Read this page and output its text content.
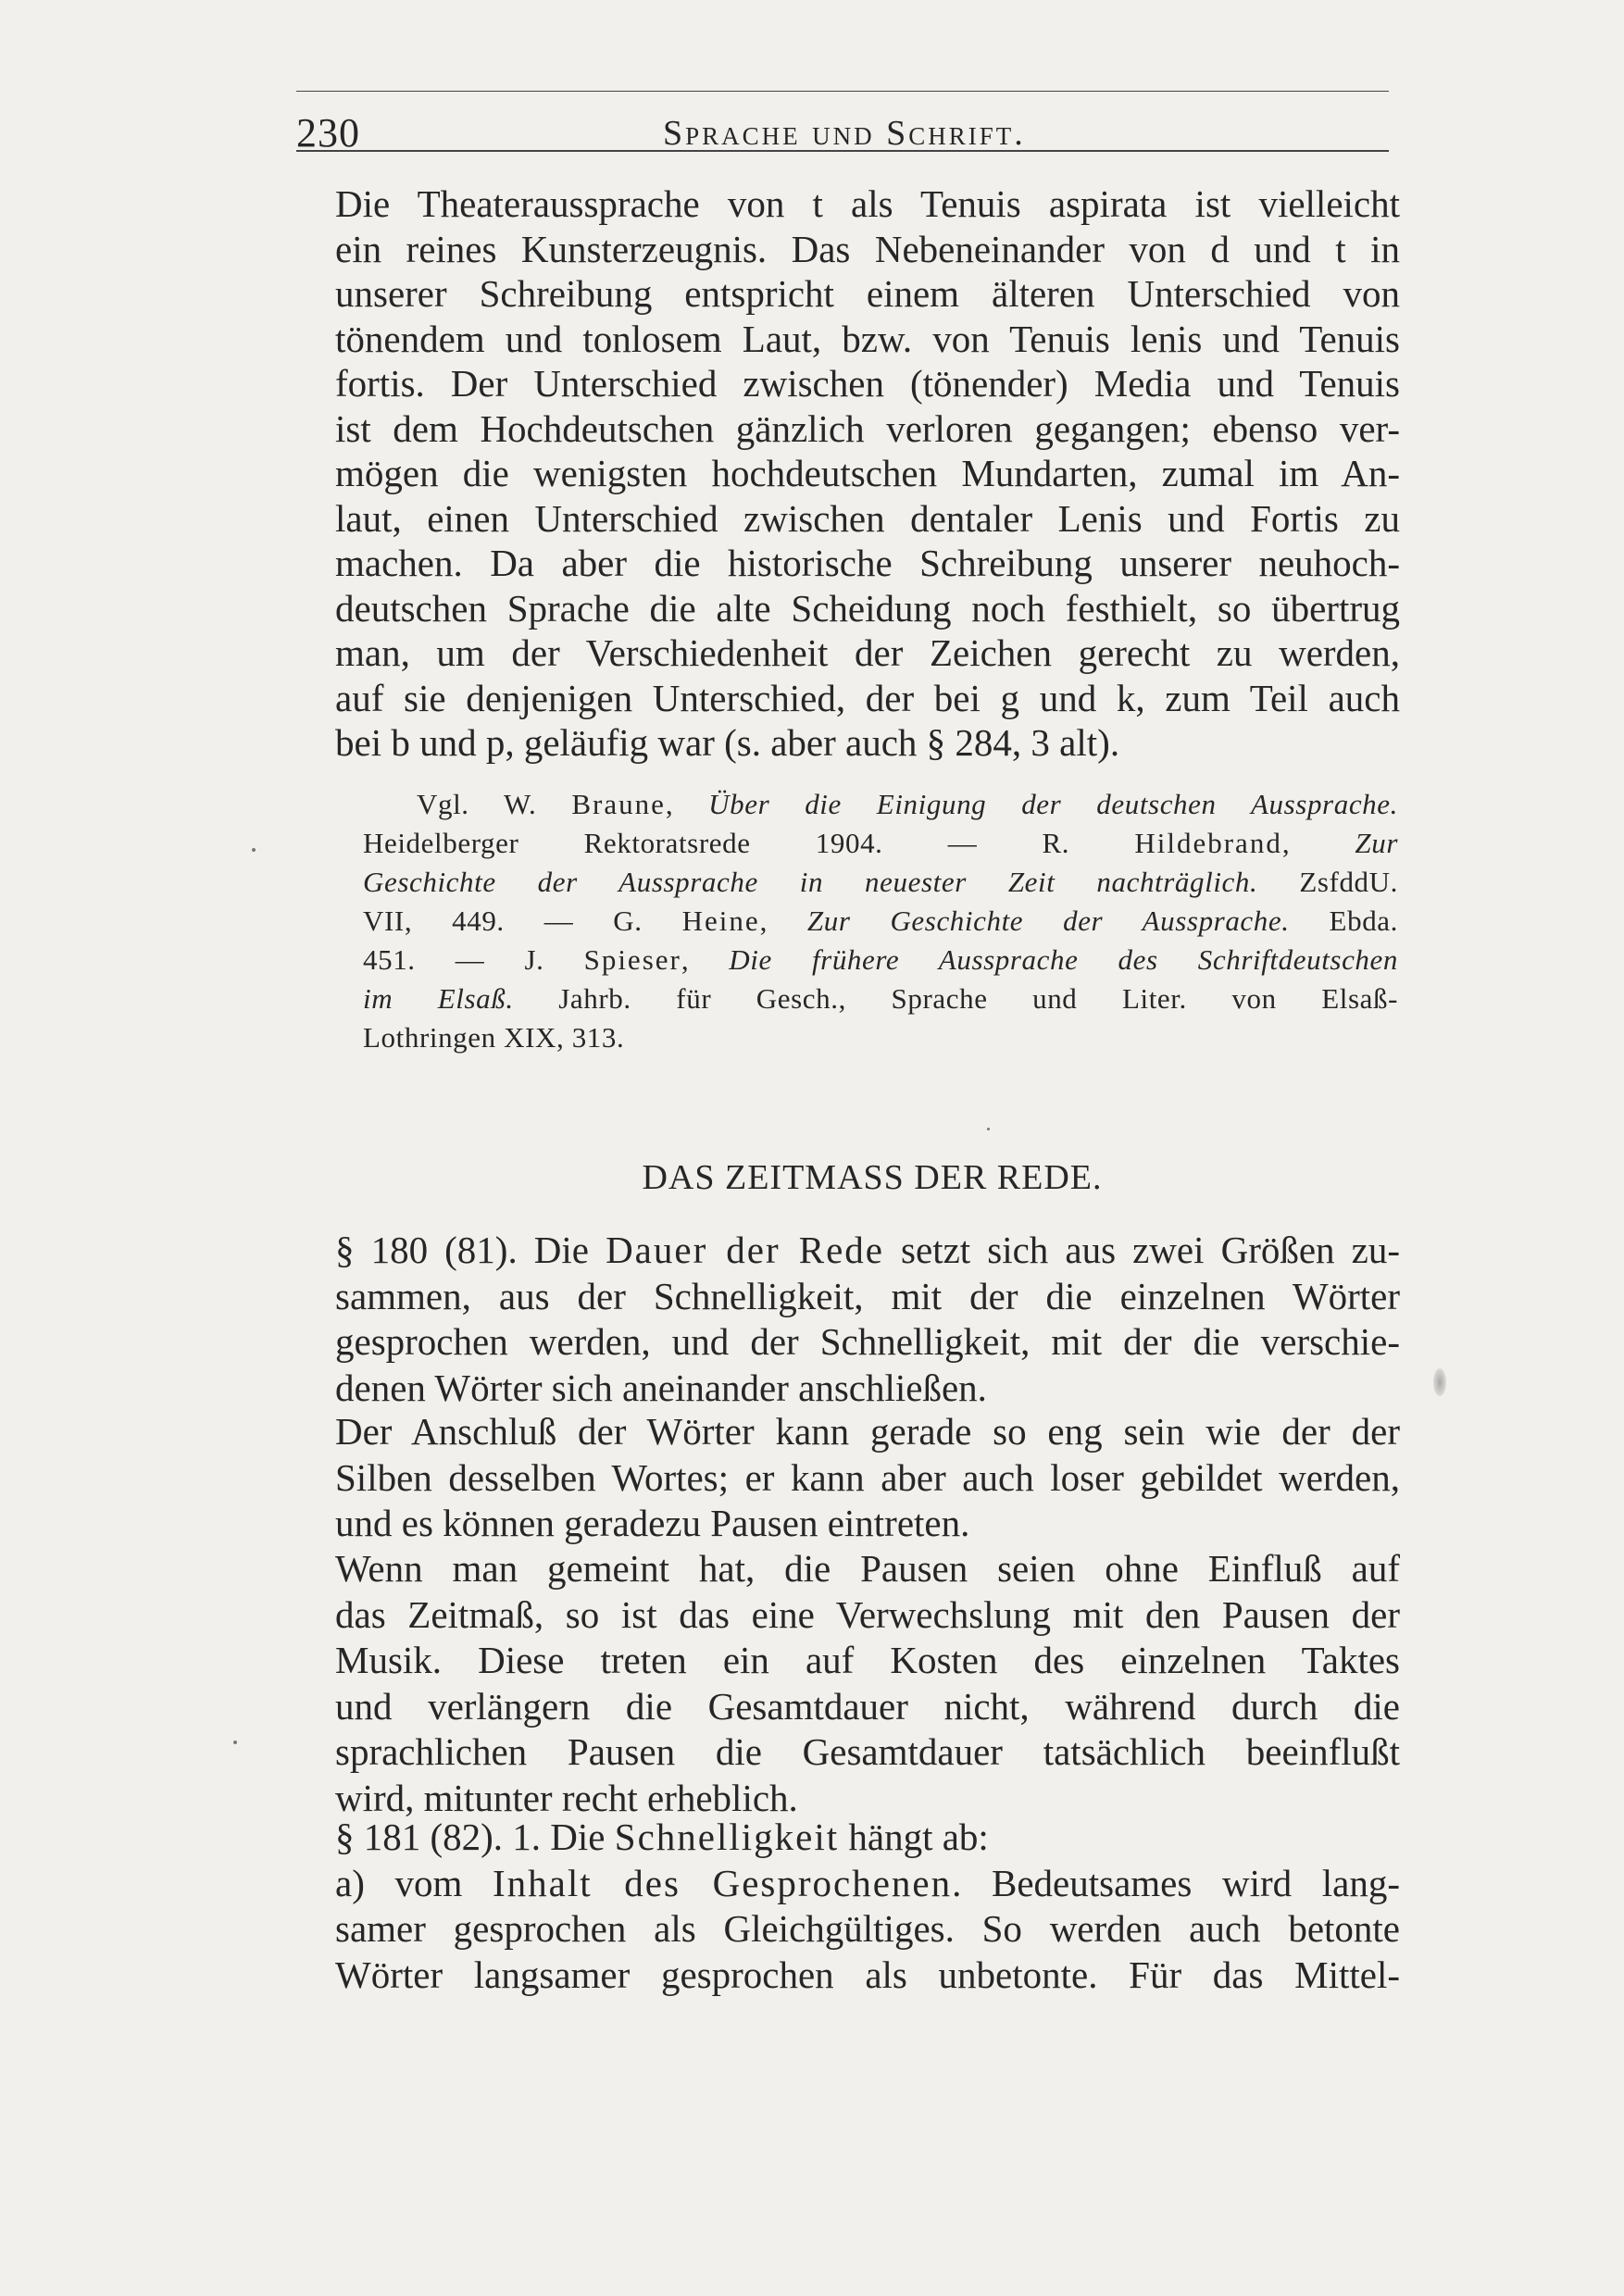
230	Sprache und Schrift.
Die Theateraussprache von t als Tenuis aspirata ist vielleicht
ein reines Kunsterzeugnis. Das Nebeneinander von d und t in
unserer Schreibung entspricht einem älteren Unterschied von
tönendem und tonlosem Laut, bzw. von Tenuis lenis und Tenuis
fortis. Der Unterschied zwischen (tönender) Media und Tenuis
ist dem Hochdeutschen gänzlich verloren gegangen; ebenso ver-
mögen die wenigsten hochdeutschen Mundarten, zumal im An-
laut, einen Unterschied zwischen dentaler Lenis und Fortis zu
machen. Da aber die historische Schreibung unserer neuhoch-
deutschen Sprache die alte Scheidung noch festhielt, so übertrug
man, um der Verschiedenheit der Zeichen gerecht zu werden,
auf sie denjenigen Unterschied, der bei g und k, zum Teil auch
bei b und p, geläufig war (s. aber auch § 284, 3 alt).
Vgl. W. Braune, Über die Einigung der deutschen Aussprache.
Heidelberger Rektoratsrede 1904. — R. Hildebrand, Zur
Geschichte der Aussprache in neuester Zeit nachträglich. ZsfddU.
VII, 449. — G. Heine, Zur Geschichte der Aussprache. Ebda.
451. — J. Spieser, Die frühere Aussprache des Schriftdeutschen
im Elsaß. Jahrb. für Gesch., Sprache und Liter. von Elsaß-
Lothringen XIX, 313.
DAS ZEITMASS DER REDE.
§ 180 (81). Die Dauer der Rede setzt sich aus zwei Größen zu-
sammen, aus der Schnelligkeit, mit der die einzelnen Wörter
gesprochen werden, und der Schnelligkeit, mit der die verschie-
denen Wörter sich aneinander anschließen.
Der Anschluß der Wörter kann gerade so eng sein wie der der
Silben desselben Wortes; er kann aber auch loser gebildet werden,
und es können geradezu Pausen eintreten.
Wenn man gemeint hat, die Pausen seien ohne Einfluß auf
das Zeitmaß, so ist das eine Verwechslung mit den Pausen der
Musik. Diese treten ein auf Kosten des einzelnen Taktes
und verlängern die Gesamtdauer nicht, während durch die
sprachlichen Pausen die Gesamtdauer tatsächlich beeinflußt
wird, mitunter recht erheblich.
§ 181 (82). 1. Die Schnelligkeit hängt ab:
a) vom Inhalt des Gesprochenen. Bedeutsames wird lang-
samer gesprochen als Gleichgültiges. So werden auch betonte
Wörter langsamer gesprochen als unbetonte. Für das Mittel-
